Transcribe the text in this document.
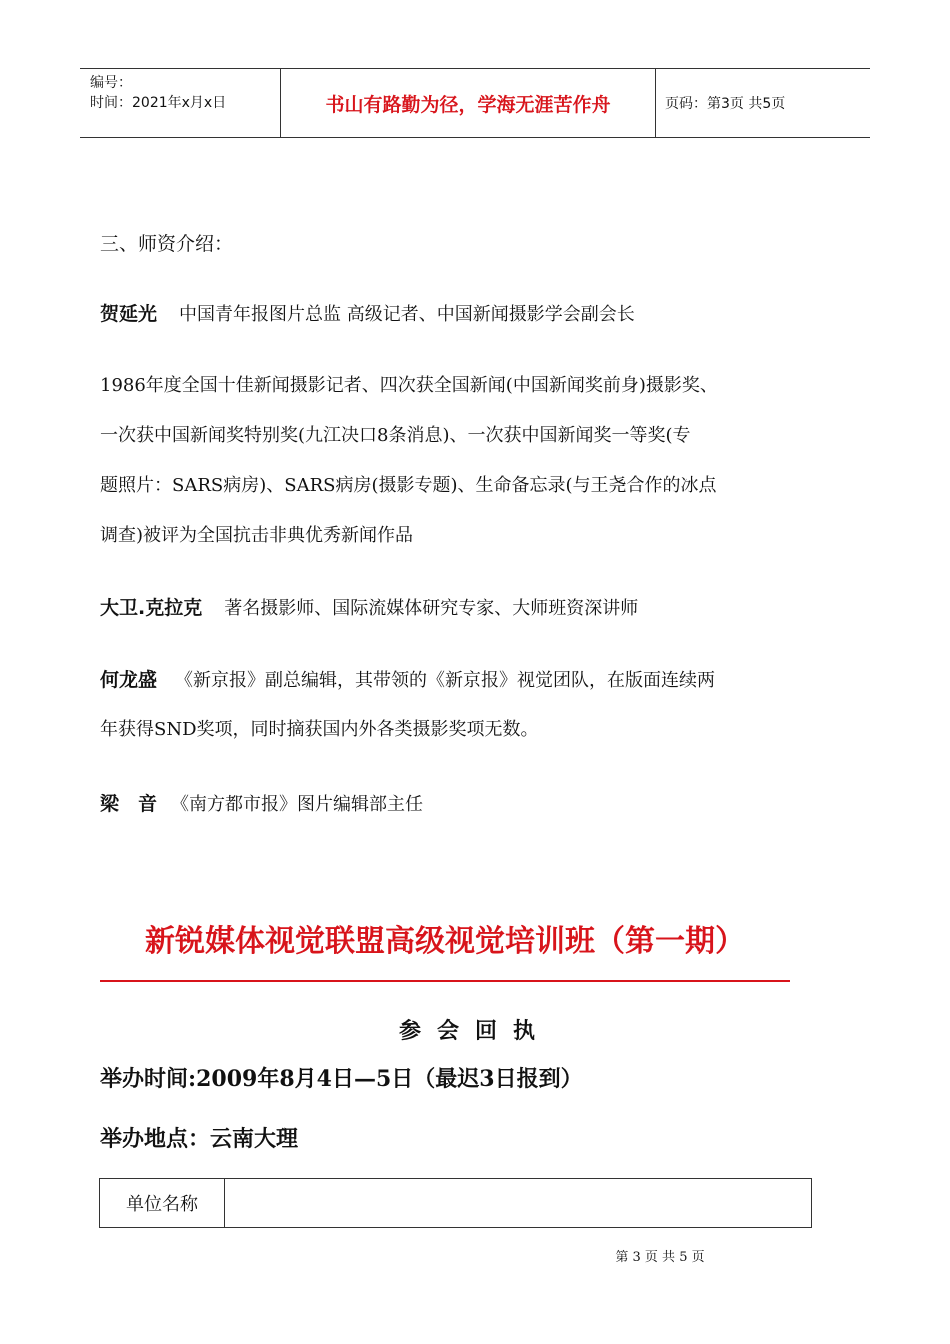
编号：
时间：2021年x月x日	书山有路勤为径，学海无涯苦作舟	页码：第3页 共5页
三、师资介绍：
贺延光 中国青年报图片总监 高级记者、中国新闻摄影学会副会长
1986年度全国十佳新闻摄影记者、四次获全国新闻(中国新闻奖前身)摄影奖、
一次获中国新闻奖特别奖(九江决口8条消息)、一次获中国新闻奖一等奖(专
题照片：SARS病房)、SARS病房(摄影专题)、生命备忘录(与王尧合作的冰点
调查)被评为全国抗击非典优秀新闻作品
大卫.克拉克 著名摄影师、国际流媒体研究专家、大师班资深讲师
何龙盛 《新京报》副总编辑，其带领的《新京报》视觉团队，在版面连续两
年获得SND奖项，同时摘获国内外各类摄影奖项无数。
梁　音 《南方都市报》图片编辑部主任
新锐媒体视觉联盟高级视觉培训班（第一期）
参会回执
举办时间:2009年8月4日—5日（最迟3日报到）
举办地点：云南大理
单位名称
第 3 页 共 5 页
